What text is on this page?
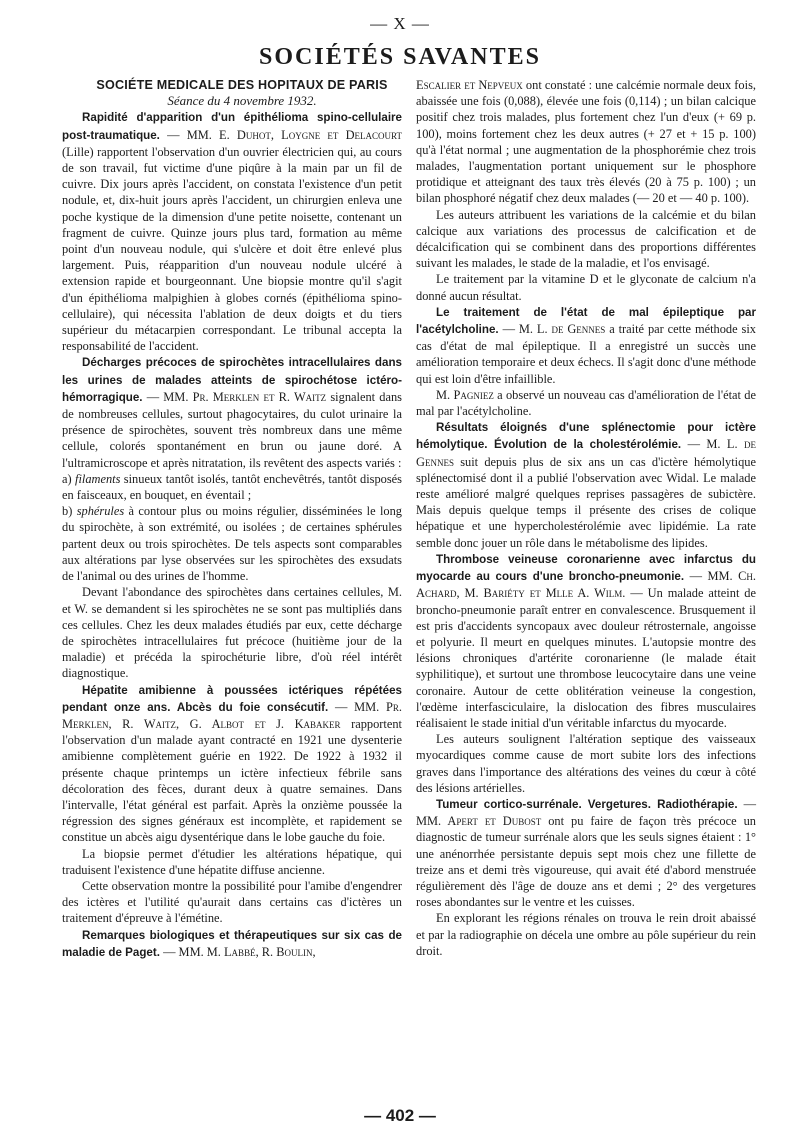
— X —
SOCIÉTÉS SAVANTES

SOCIÉTE MEDICALE DES HOPITAUX DE PARIS

Séance du 4 novembre 1932.

Rapidité d'apparition d'un épithélioma spino-cellulaire post-traumatique. — MM. E. Duhot, Loygne et Delacourt (Lille) rapportent l'observation d'un ouvrier électricien qui, au cours de son travail, fut victime d'une piqûre à la main par un fil de cuivre. Dix jours après l'accident, on constata l'existence d'un petit nodule, et, dix-huit jours après l'accident, un chirurgien enleva une poche kystique de la dimension d'une petite noisette, contenant un fragment de cuivre. Quinze jours plus tard, formation au même point d'un nouveau nodule, qui s'ulcère et doit être enlevé plus largement. Puis, réapparition d'un nouveau nodule ulcéré à extension rapide et bourgeonnant. Une biopsie montre qu'il s'agit d'un épithélioma malpighien à globes cornés (épithélioma spino-cellulaire), qui nécessita l'ablation de deux doigts et du tiers supérieur du métacarpien correspondant. Le tribunal accepta la responsabilité de l'accident.

Décharges précoces de spirochètes intracellulaires dans les urines de malades atteints de spirochétose ictéro-hémorragique. — MM. Pr. Merklen et R. Waitz signalent dans de nombreuses cellules, surtout phagocytaires, du culot urinaire la présence de spirochètes, souvent très nombreux dans une même cellule, colorés spontanément en brun ou jaune doré. A l'ultramicroscope et après nitratation, ils revêtent des aspects variés :

a) filaments sinueux tantôt isolés, tantôt enchevêtrés, tantôt disposés en faisceaux, en bouquet, en éventail ;

b) sphérules à contour plus ou moins régulier, disséminées le long du spirochète, à son extrémité, ou isolées ; de certaines sphérules partent deux ou trois spirochètes. De tels aspects sont comparables aux altérations par lyse observées sur les spirochètes des exsudats de l'animal ou des urines de l'homme.

Devant l'abondance des spirochètes dans certaines cellules, M. et W. se demandent si les spirochètes ne se sont pas multipliés dans ces cellules. Chez les deux malades étudiés par eux, cette décharge de spirochètes intracellulaires fut précoce (huitième jour de la maladie) et précéda la spirochéturie libre, d'où réel intérêt diagnostique.

Hépatite amibienne à poussées ictériques répétées pendant onze ans. Abcès du foie consécutif. — MM. Pr. Merklen, R. Waitz, G. Albot et J. Kabaker rapportent l'observation d'un malade ayant contracté en 1921 une dysenterie amibienne complètement guérie en 1922. De 1922 à 1932 il présente chaque printemps un ictère infectieux fébrile sans décoloration des fèces, durant deux à quatre semaines. Dans l'intervalle, l'état général est parfait. Après la onzième poussée la régression des signes généraux est incomplète, et rapidement se constitue un abcès aigu dysentérique dans le lobe gauche du foie.

La biopsie permet d'étudier les altérations hépatique, qui traduisent l'existence d'une hépatite diffuse ancienne.

Cette observation montre la possibilité pour l'amibe d'engendrer des ictères et l'utilité qu'aurait dans certains cas d'ictères un traitement d'épreuve à l'émétine.

Remarques biologiques et thérapeutiques sur six cas de maladie de Paget. — MM. M. Labbé, R. Boulin,

Escalier et Nepveux ont constaté : une calcémie normale deux fois, abaissée une fois (0,088), élevée une fois (0,114) ; un bilan calcique positif chez trois malades, plus fortement chez l'un d'eux (+ 69 p. 100), moins fortement chez les deux autres (+ 27 et + 15 p. 100) qu'à l'état normal ; une augmentation de la phosphorémie chez trois malades, l'augmentation portant uniquement sur le phosphore protidique et atteignant des taux très élevés (20 à 75 p. 100) ; un bilan phosphoré négatif chez deux malades (— 20 et — 40 p. 100).

Les auteurs attribuent les variations de la calcémie et du bilan calcique aux variations des processus de calcification et de décalcification qui se combinent dans des proportions différentes suivant les malades, le stade de la maladie, et l'os envisagé.

Le traitement par la vitamine D et le glyconate de calcium n'a donné aucun résultat.

Le traitement de l'état de mal épileptique par l'acétylcholine. — M. L. de Gennes a traité par cette méthode six cas d'état de mal épileptique. Il a enregistré un succès une amélioration temporaire et deux échecs. Il s'agit donc d'une méthode qui est loin d'être infaillible.

M. Pagniez a observé un nouveau cas d'amélioration de l'état de mal par l'acétylcholine.

Résultats éloignés d'une splénectomie pour ictère hémolytique. Évolution de la cholestérolémie. — M. L. de Gennes suit depuis plus de six ans un cas d'ictère hémolytique splénectomisé dont il a publié l'observation avec Widal. Le malade reste amélioré malgré quelques reprises passagères de subictère. Mais depuis quelque temps il présente des crises de colique hépatique et une hypercholestérolémie avec lipidémie. La rate semble donc jouer un rôle dans le métabolisme des lipides.

Thrombose veineuse coronarienne avec infarctus du myocarde au cours d'une broncho-pneumonie. — MM. Ch. Achard, M. Bariéty et Mlle A. Wilm. — Un malade atteint de broncho-pneumonie paraît entrer en convalescence. Brusquement il est pris d'accidents syncopaux avec douleur rétrosternale, angoisse et polyurie. Il meurt en quelques minutes. L'autopsie montre des lésions chroniques d'artérite coronarienne (le malade était syphilitique), et surtout une thrombose leucocytaire dans une veine coronaire. Autour de cette oblitération veineuse la congestion, l'œdème interfasciculaire, la dislocation des fibres musculaires réalisaient le stade initial d'un véritable infarctus du myocarde.

Les auteurs soulignent l'altération septique des vaisseaux myocardiques comme cause de mort subite lors des infections graves dans l'importance des altérations des veines du cœur à côté des lésions artérielles.

Tumeur cortico-surrénale. Vergetures. Radiothérapie. — MM. Apert et Dubost ont pu faire de façon très précoce un diagnostic de tumeur surrénale alors que les seuls signes étaient : 1° une anénorrhée persistante depuis sept mois chez une fillette de treize ans et demi très vigoureuse, qui avait été d'abord menstruée régulièrement dès l'âge de douze ans et demi ; 2° des vergetures roses abondantes sur le ventre et les cuisses.

En explorant les régions rénales on trouva le rein droit abaissé et par la radiographie on décela une ombre au pôle supérieur du rein droit.

— 402 —
